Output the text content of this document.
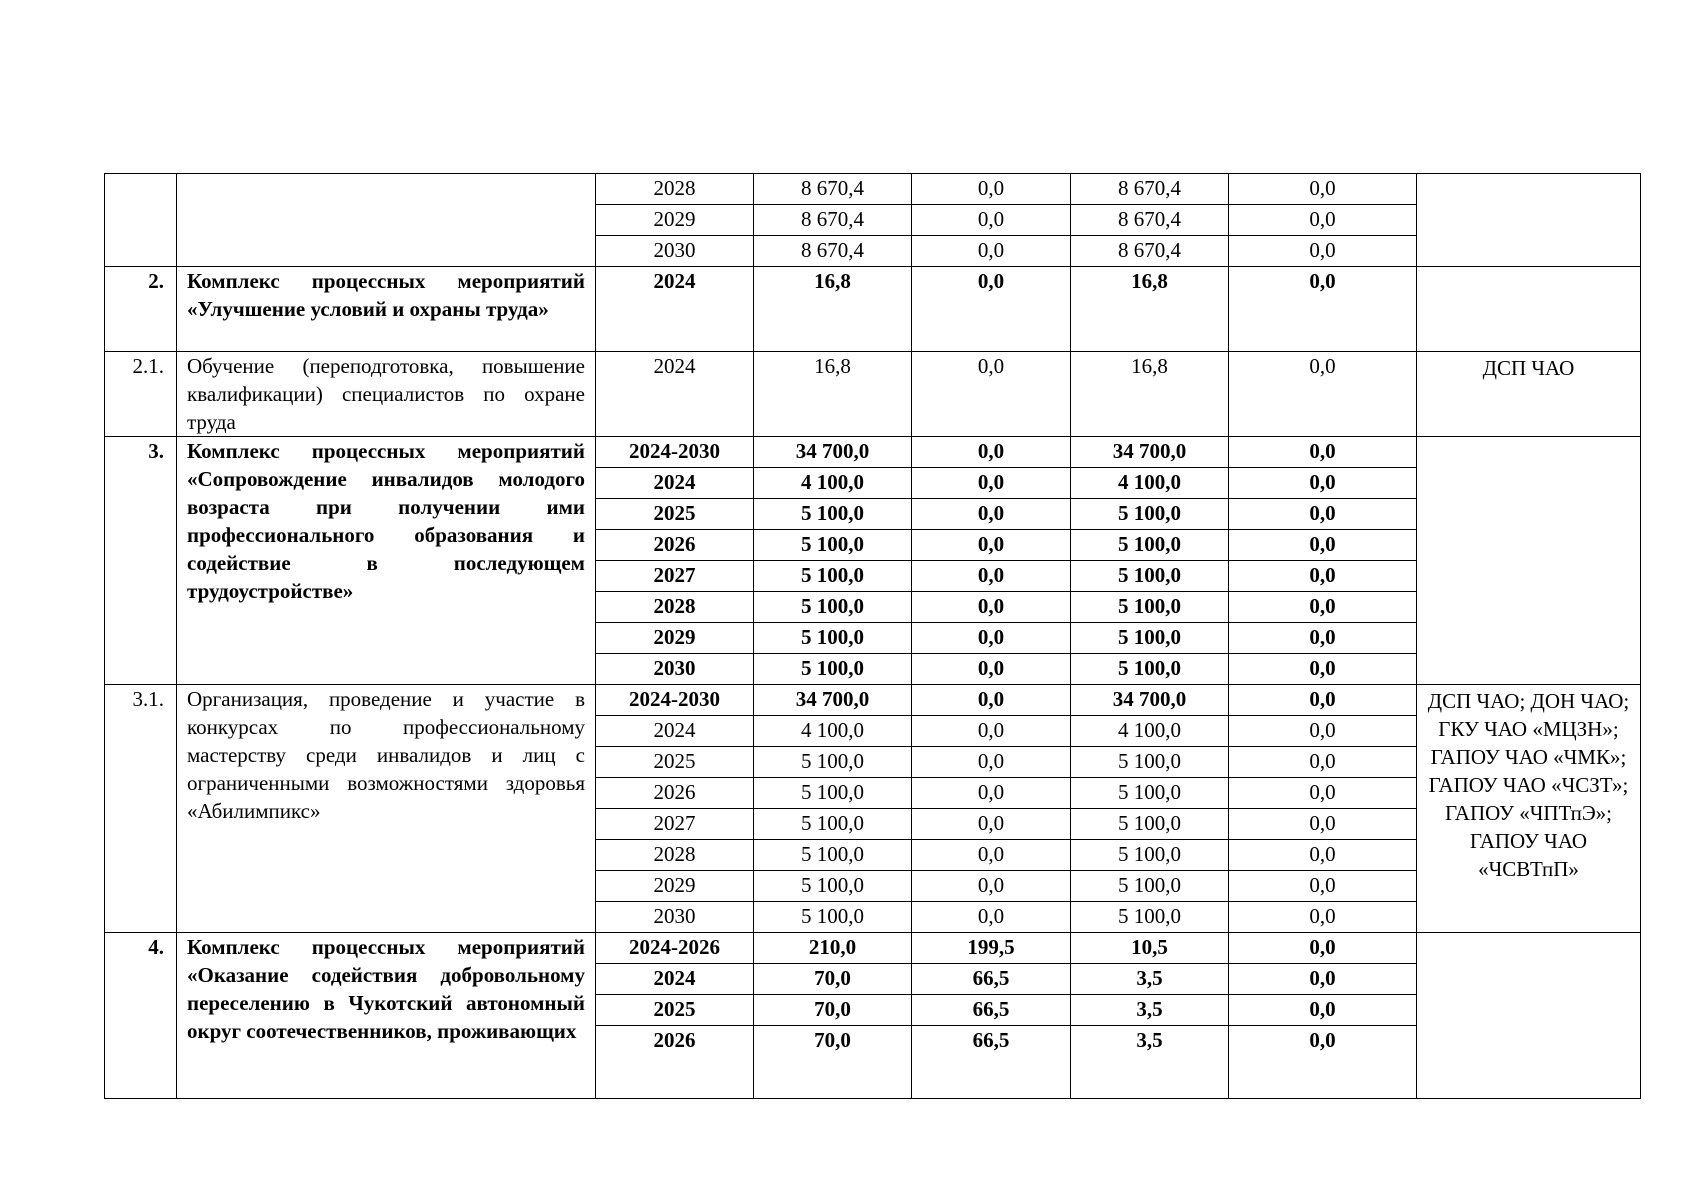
		2028	8 670,4	0,0	8 670,4	0,0	
		2029	8 670,4	0,0	8 670,4	0,0	
		2030	8 670,4	0,0	8 670,4	0,0	
2.	Комплекс процессных мероприятий «Улучшение условий и охраны труда»	2024	16,8	0,0	16,8	0,0	
2.1.	Обучение (переподготовка, повышение квалификации) специалистов по охране труда	2024	16,8	0,0	16,8	0,0	ДСП ЧАО
3.	Комплекс процессных мероприятий «Сопровождение инвалидов молодого возраста при получении ими профессионального образования и содействие в последующем трудоустройстве»	2024-2030	34 700,0	0,0	34 700,0	0,0	
		2024	4 100,0	0,0	4 100,0	0,0	
		2025	5 100,0	0,0	5 100,0	0,0	
		2026	5 100,0	0,0	5 100,0	0,0	
		2027	5 100,0	0,0	5 100,0	0,0	
		2028	5 100,0	0,0	5 100,0	0,0	
		2029	5 100,0	0,0	5 100,0	0,0	
		2030	5 100,0	0,0	5 100,0	0,0	
3.1.	Организация, проведение и участие в конкурсах по профессиональному мастерству среди инвалидов и лиц с ограниченными возможностями здоровья «Абилимпикс»	2024-2030	34 700,0	0,0	34 700,0	0,0	ДСП ЧАО; ДОН ЧАО; ГКУ ЧАО «МЦЗН»; ГАПОУ ЧАО «ЧМК»; ГАПОУ ЧАО «ЧСЗТ»; ГАПОУ «ЧПТпЭ»; ГАПОУ ЧАО «ЧСВТпП»
		2024	4 100,0	0,0	4 100,0	0,0	
		2025	5 100,0	0,0	5 100,0	0,0	
		2026	5 100,0	0,0	5 100,0	0,0	
		2027	5 100,0	0,0	5 100,0	0,0	
		2028	5 100,0	0,0	5 100,0	0,0	
		2029	5 100,0	0,0	5 100,0	0,0	
		2030	5 100,0	0,0	5 100,0	0,0	
4.	Комплекс процессных мероприятий «Оказание содействия добровольному переселению в Чукотский автономный округ соотечественников, проживающих	2024-2026	210,0	199,5	10,5	0,0	
		2024	70,0	66,5	3,5	0,0	
		2025	70,0	66,5	3,5	0,0	
		2026	70,0	66,5	3,5	0,0	
